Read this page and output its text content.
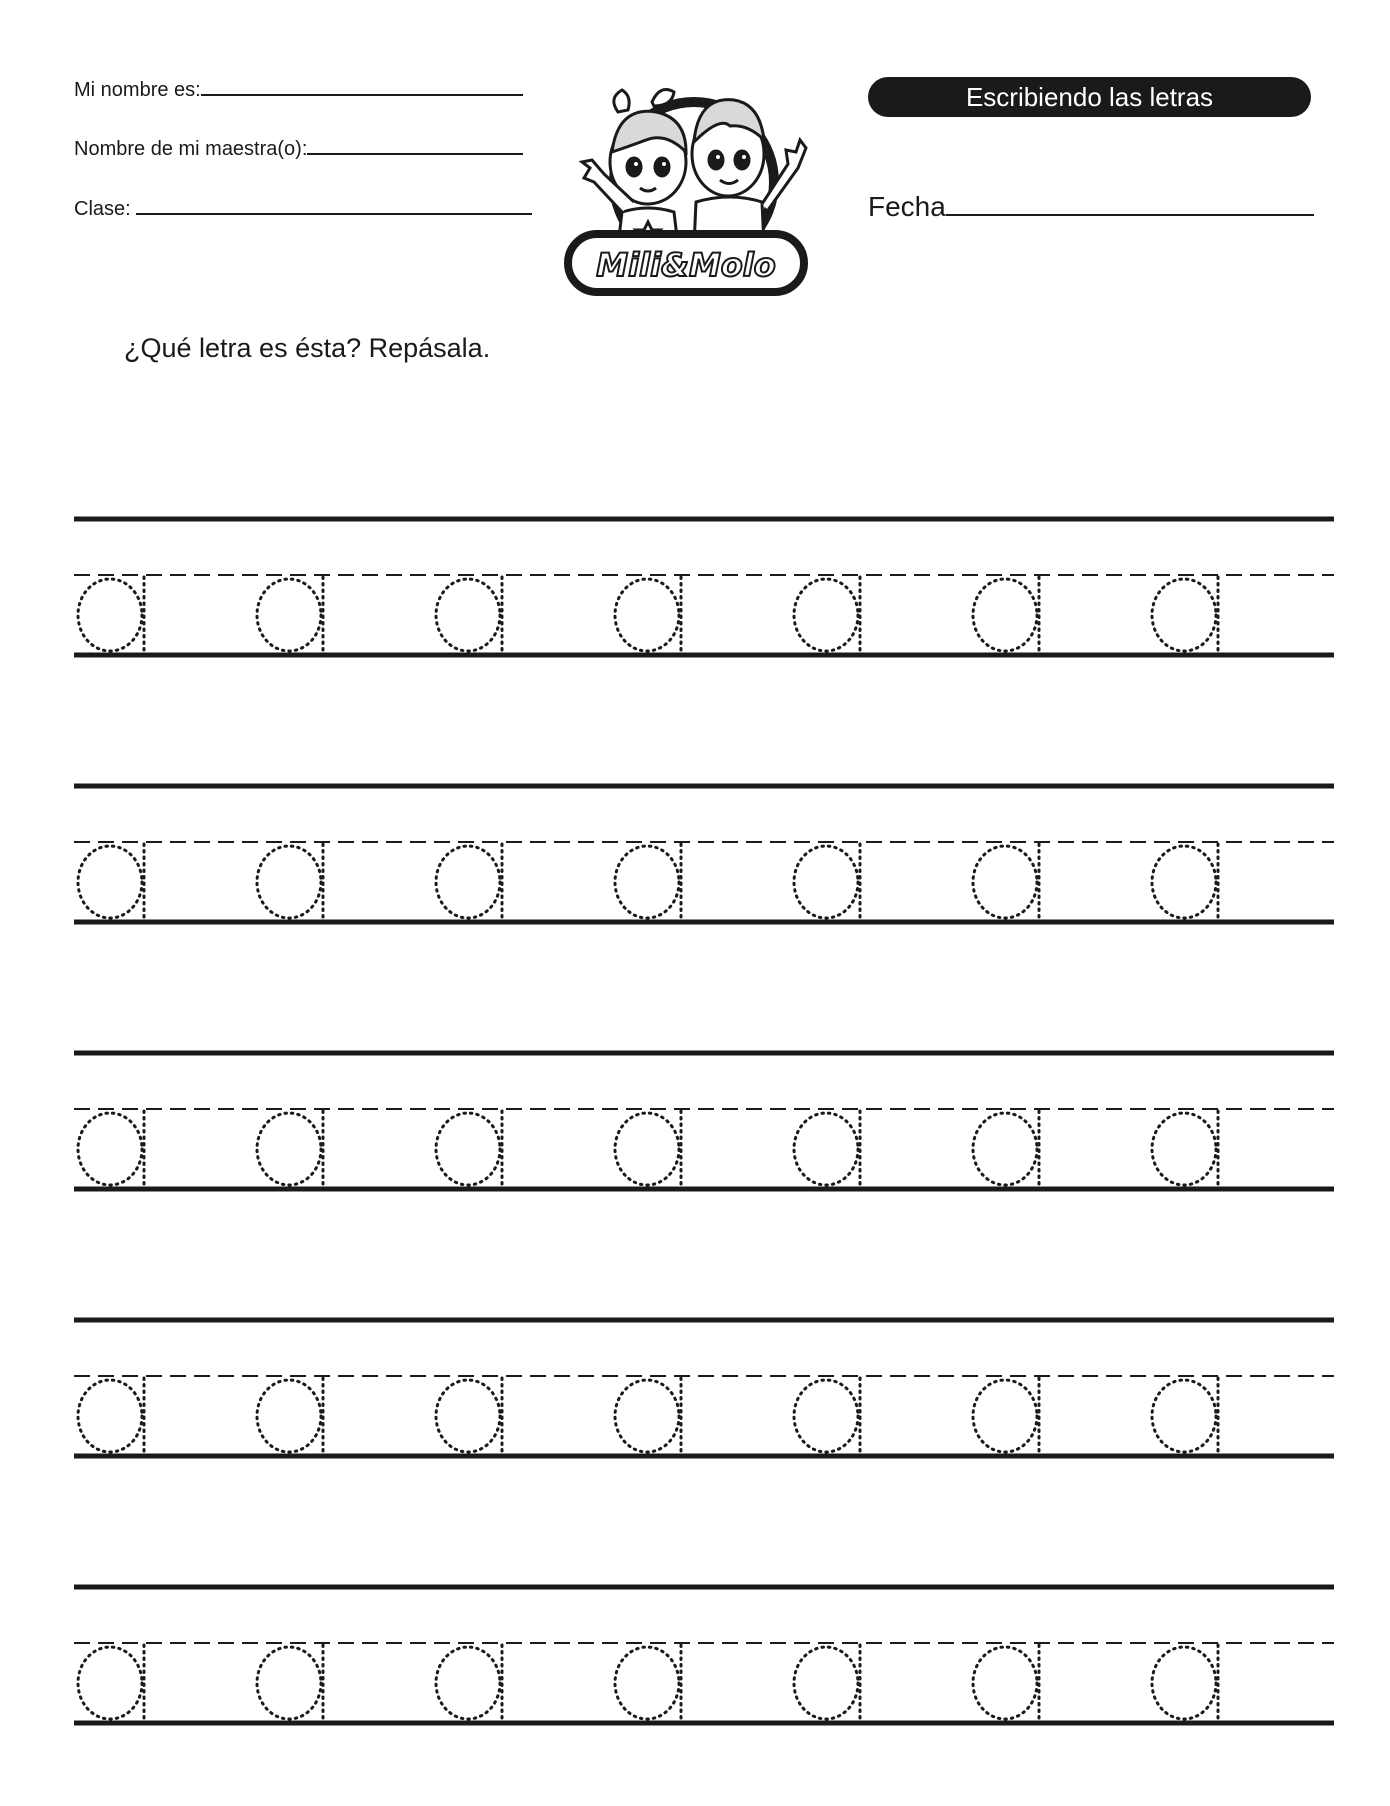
Mi nombre es:
Nombre de mi maestra(o):
Clase:
Mili&Molo
Escribiendo las letras
Fecha
¿Qué letra es ésta? Repásala.
